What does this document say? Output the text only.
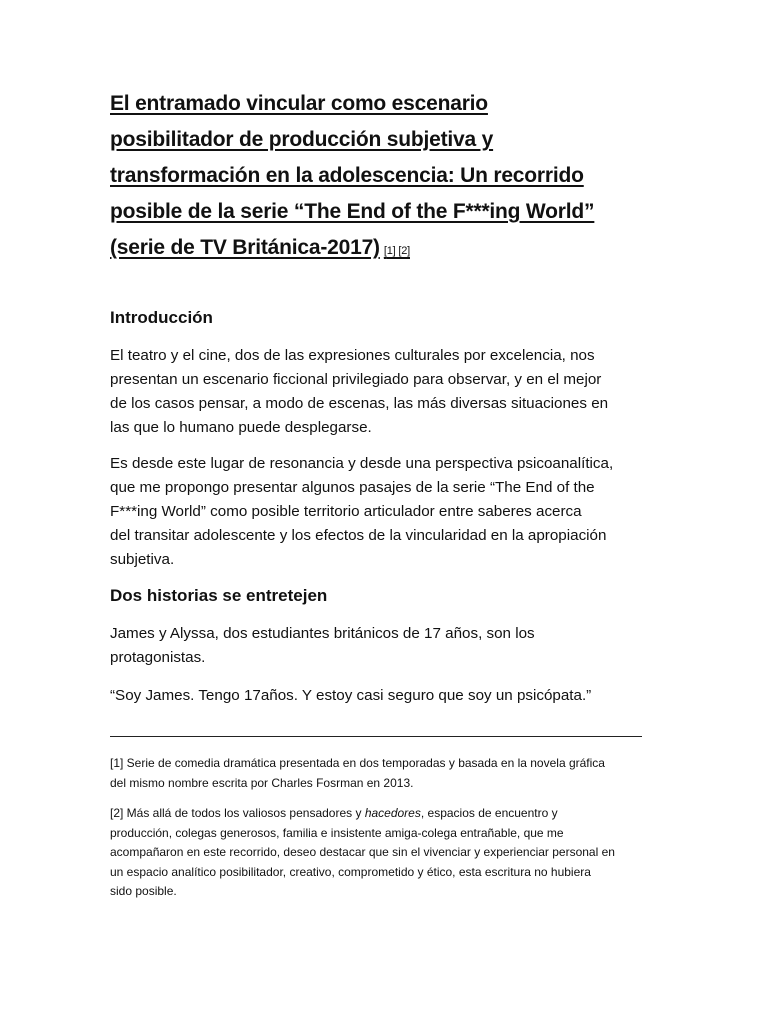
El entramado vincular como escenario
posibilitador de producción subjetiva y
transformación en la adolescencia: Un recorrido
posible de la serie “The End of the F***ing World”
(serie de TV Británica-2017) [1] [2]
Introducción

El teatro y el cine, dos de las expresiones culturales por excelencia, nos
presentan un escenario ficcional privilegiado para observar, y en el mejor
de los casos pensar, a modo de escenas, las más diversas situaciones en
las que lo humano puede desplegarse.

Es desde este lugar de resonancia y desde una perspectiva psicoanalítica,
que me propongo presentar algunos pasajes de la serie “The End of the
F***ing World” como posible territorio articulador entre saberes acerca
del transitar adolescente y los efectos de la vincularidad en la apropiación
subjetiva.

Dos historias se entretejen

James y Alyssa, dos estudiantes británicos de 17 años, son los
protagonistas.

“Soy James. Tengo 17años. Y estoy casi seguro que soy un psicópata.”

[1] Serie de comedia dramática presentada en dos temporadas y basada en la novela gráfica
del mismo nombre escrita por Charles Fosrman en 2013.

[2] Más allá de todos los valiosos pensadores y hacedores, espacios de encuentro y
producción, colegas generosos, familia e insistente amiga-colega entrañable, que me
acompañaron en este recorrido, deseo destacar que sin el vivenciar y experienciar personal en
un espacio analítico posibilitador, creativo, comprometido y ético, esta escritura no hubiera
sido posible.
